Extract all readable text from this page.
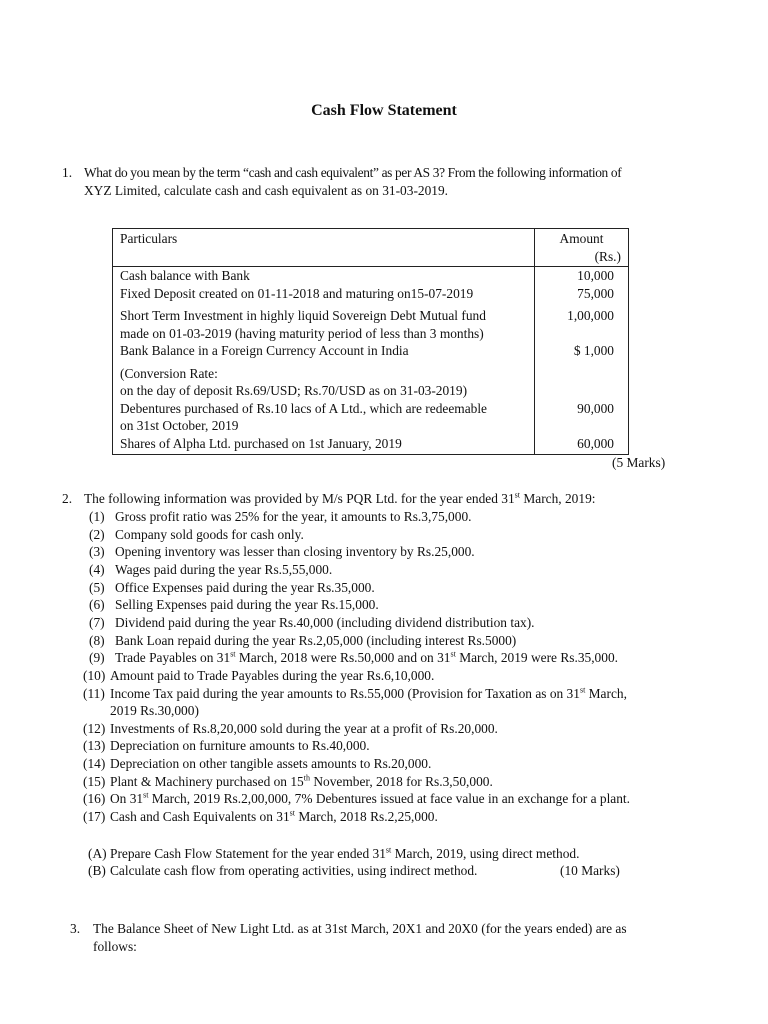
Cash Flow Statement
1. What do you mean by the term “cash and cash equivalent” as per AS 3? From the following information of
XYZ Limited, calculate cash and cash equivalent as on 31-03-2019.
Particulars	Amount
(Rs.)

Cash balance with Bank	10,000
Fixed Deposit created on 01-11-2018 and maturing on15-07-2019	75,000

Short Term Investment in highly liquid Sovereign Debt Mutual fund
made on 01-03-2019 (having maturity period of less than 3 months)	1,00,000
Bank Balance in a Foreign Currency Account in India	$ 1,000

(Conversion Rate:
on the day of deposit Rs.69/USD; Rs.70/USD as on 31-03-2019)	

Debentures purchased of Rs.10 lacs of A Ltd., which are redeemable
on 31st October, 2019	90,000
Shares of Alpha Ltd. purchased on 1st January, 2019	60,000
(5 Marks)
2. The following information was provided by M/s PQR Ltd. for the year ended 31st March, 2019:
(1) Gross profit ratio was 25% for the year, it amounts to Rs.3,75,000.
(2) Company sold goods for cash only.
(3) Opening inventory was lesser than closing inventory by Rs.25,000.
(4) Wages paid during the year Rs.5,55,000.
(5) Office Expenses paid during the year Rs.35,000.
(6) Selling Expenses paid during the year Rs.15,000.
(7) Dividend paid during the year Rs.40,000 (including dividend distribution tax).
(8) Bank Loan repaid during the year Rs.2,05,000 (including interest Rs.5000)
(9) Trade Payables on 31st March, 2018 were Rs.50,000 and on 31st March, 2019 were Rs.35,000.
(10) Amount paid to Trade Payables during the year Rs.6,10,000.
(11) Income Tax paid during the year amounts to Rs.55,000 (Provision for Taxation as on 31st March,
2019 Rs.30,000)
(12) Investments of Rs.8,20,000 sold during the year at a profit of Rs.20,000.
(13) Depreciation on furniture amounts to Rs.40,000.
(14) Depreciation on other tangible assets amounts to Rs.20,000.
(15) Plant & Machinery purchased on 15th November, 2018 for Rs.3,50,000.
(16) On 31st March, 2019 Rs.2,00,000, 7% Debentures issued at face value in an exchange for a plant.
(17) Cash and Cash Equivalents on 31st March, 2018 Rs.2,25,000.
(A) Prepare Cash Flow Statement for the year ended 31st March, 2019, using direct method.
(B) Calculate cash flow from operating activities, using indirect method.	(10 Marks)
3. The Balance Sheet of New Light Ltd. as at 31st March, 20X1 and 20X0 (for the years ended) are as
follows:
